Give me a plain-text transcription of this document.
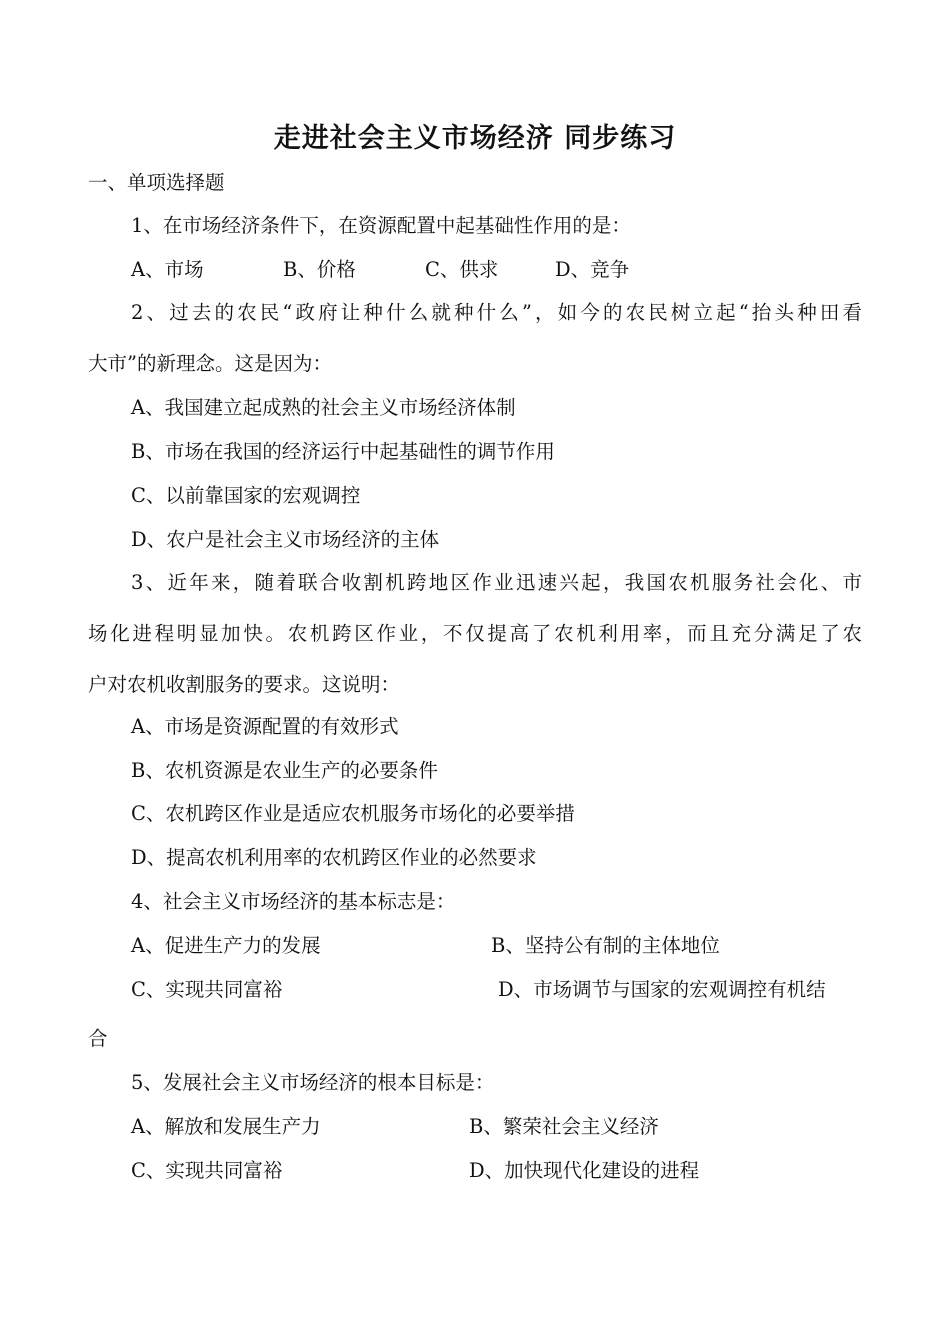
走进社会主义市场经济 同步练习
一、单项选择题
1、在市场经济条件下，在资源配置中起基础性作用的是：
A、市场	B、价格	C、供求	D、竞争
2、过去的农民“政府让种什么就种什么”，如今的农民树立起“抬头种田看
大市”的新理念。这是因为：
A、我国建立起成熟的社会主义市场经济体制
B、市场在我国的经济运行中起基础性的调节作用
C、以前靠国家的宏观调控
D、农户是社会主义市场经济的主体
3、近年来，随着联合收割机跨地区作业迅速兴起，我国农机服务社会化、市
场化进程明显加快。农机跨区作业，不仅提高了农机利用率，而且充分满足了农
户对农机收割服务的要求。这说明：
A、市场是资源配置的有效形式
B、农机资源是农业生产的必要条件
C、农机跨区作业是适应农机服务市场化的必要举措
D、提高农机利用率的农机跨区作业的必然要求
4、社会主义市场经济的基本标志是：
A、促进生产力的发展	B、坚持公有制的主体地位
C、实现共同富裕	D、市场调节与国家的宏观调控有机结
合
5、发展社会主义市场经济的根本目标是：
A、解放和发展生产力	B、繁荣社会主义经济
C、实现共同富裕	D、加快现代化建设的进程
